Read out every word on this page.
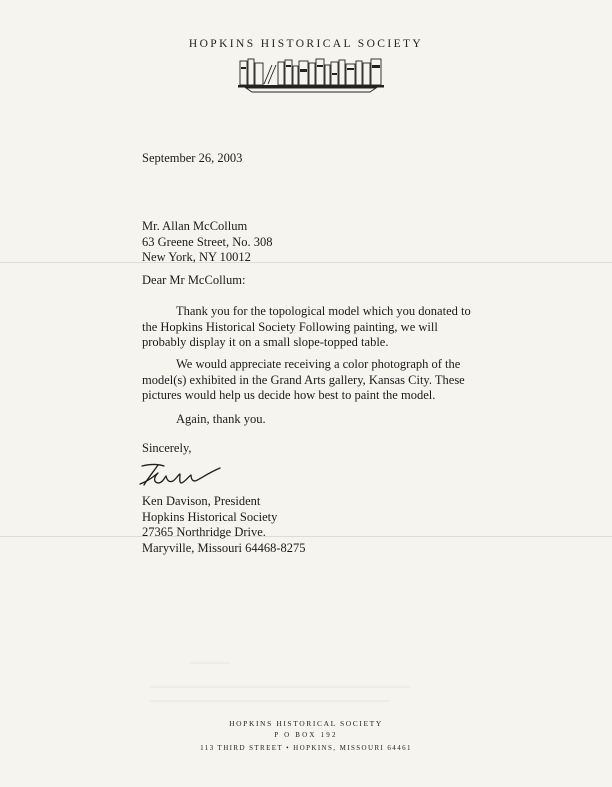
HOPKINS HISTORICAL SOCIETY
September 26, 2003
Mr. Allan McCollum
63 Greene Street, No. 308
New York, NY 10012
Dear Mr McCollum:
Thank you for the topological model which you donated to
the Hopkins Historical Society Following painting, we will
probably display it on a small slope-topped table.
We would appreciate receiving a color photograph of the
model(s) exhibited in the Grand Arts gallery, Kansas City. These
pictures would help us decide how best to paint the model.
Again, thank you.
Sincerely,
Ken Davison, President
Hopkins Historical Society
27365 Northridge Drive.
Maryville, Missouri 64468-8275
HOPKINS HISTORICAL SOCIETY
P O BOX 192
113 THIRD STREET • HOPKINS, MISSOURI 64461
